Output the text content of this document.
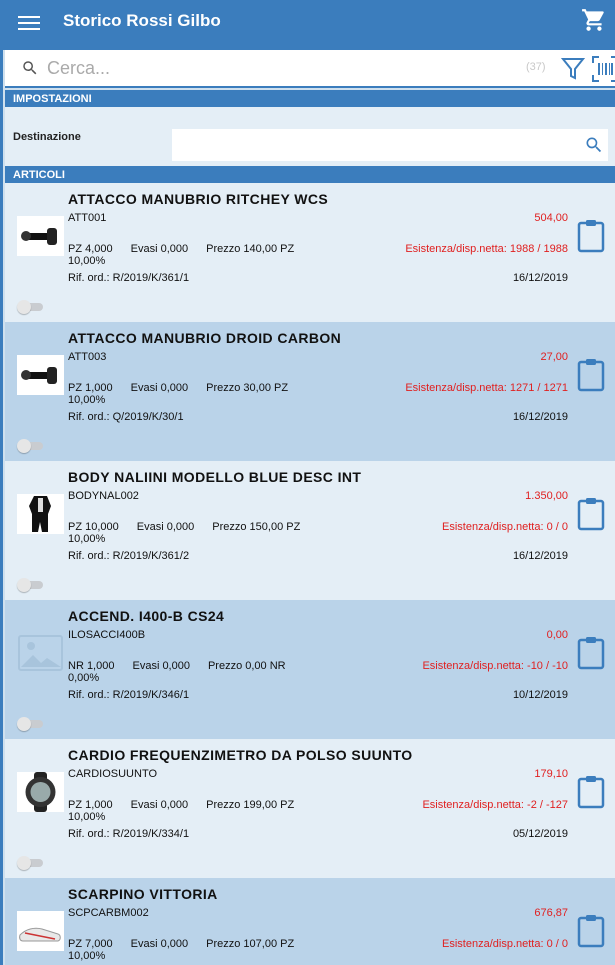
Storico Rossi Gilbo
Cerca...
(37)
IMPOSTAZIONI
Destinazione
ARTICOLI
ATTACCO MANUBRIO RITCHEY WCS
ATT001	504,00
PZ 4,000 Evasi 0,000 Prezzo 140,00 PZ	Esistenza/disp.netta: 1988 / 1988
10,00%
Rif. ord.: R/2019/K/361/1	16/12/2019
ATTACCO MANUBRIO DROID CARBON
ATT003	27,00
PZ 1,000 Evasi 0,000 Prezzo 30,00 PZ	Esistenza/disp.netta: 1271 / 1271
10,00%
Rif. ord.: Q/2019/K/30/1	16/12/2019
BODY NALIINI MODELLO BLUE DESC INT
BODYNAL002	1.350,00
PZ 10,000 Evasi 0,000 Prezzo 150,00 PZ	Esistenza/disp.netta: 0 / 0
10,00%
Rif. ord.: R/2019/K/361/2	16/12/2019
ACCEND. I400-B CS24
ILOSACCI400B	0,00
NR 1,000 Evasi 0,000 Prezzo 0,00 NR	Esistenza/disp.netta: -10 / -10
0,00%
Rif. ord.: R/2019/K/346/1	10/12/2019
CARDIO FREQUENZIMETRO DA POLSO SUUNTO
CARDIOSUUNTO	179,10
PZ 1,000 Evasi 0,000 Prezzo 199,00 PZ	Esistenza/disp.netta: -2 / -127
10,00%
Rif. ord.: R/2019/K/334/1	05/12/2019
SCARPINO VITTORIA
SCPCARBM002	676,87
PZ 7,000 Evasi 0,000 Prezzo 107,00 PZ	Esistenza/disp.netta: 0 / 0
10,00%
